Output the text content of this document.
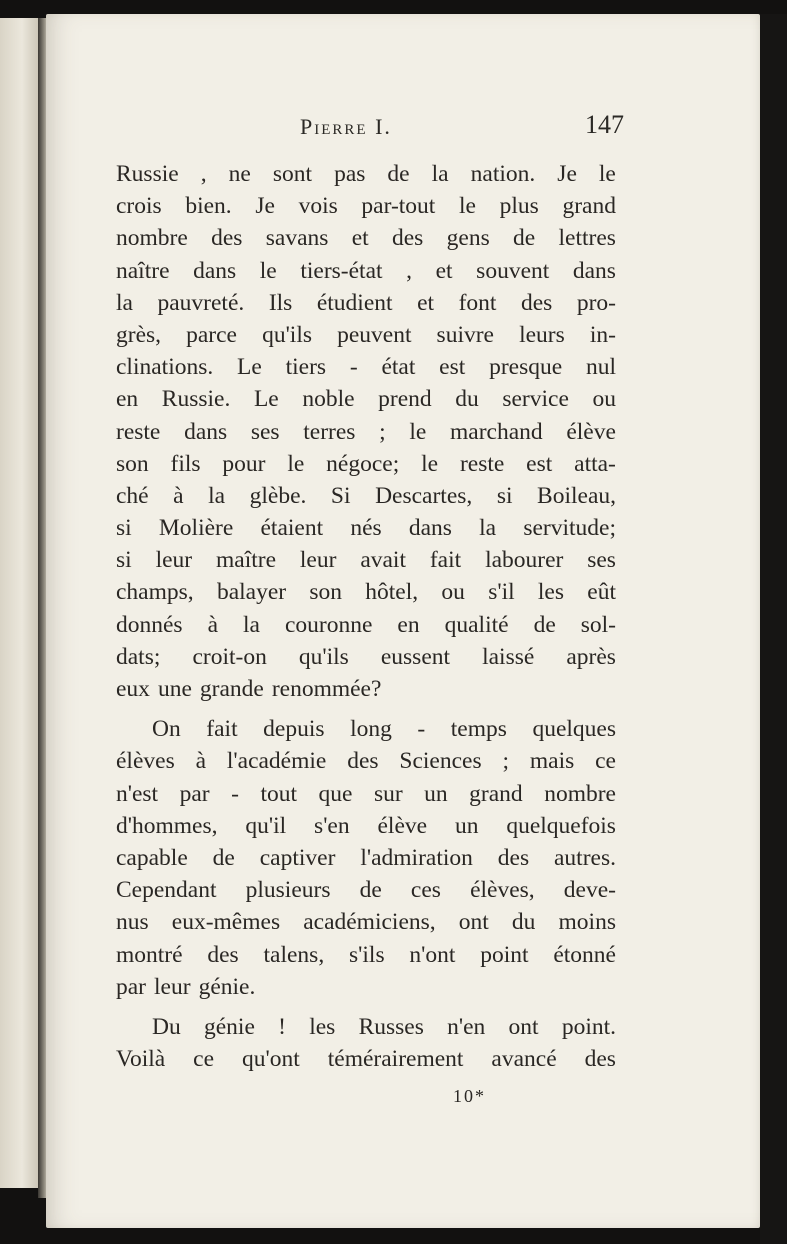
Pierre I.	147
Russie , ne sont pas de la nation. Je le
crois bien. Je vois par-tout le plus grand
nombre des savans et des gens de lettres
naître dans le tiers-état , et souvent dans
la pauvreté. Ils étudient et font des pro-
grès, parce qu'ils peuvent suivre leurs in-
clinations. Le tiers - état est presque nul
en Russie. Le noble prend du service ou
reste dans ses terres ; le marchand élève
son fils pour le négoce; le reste est atta-
ché à la glèbe. Si Descartes, si Boileau,
si Molière étaient nés dans la servitude;
si leur maître leur avait fait labourer ses
champs, balayer son hôtel, ou s'il les eût
donnés à la couronne en qualité de sol-
dats; croit-on qu'ils eussent laissé après
eux une grande renommée?
On fait depuis long - temps quelques
élèves à l'académie des Sciences ; mais ce
n'est par - tout que sur un grand nombre
d'hommes, qu'il s'en élève un quelquefois
capable de captiver l'admiration des autres.
Cependant plusieurs de ces élèves, deve-
nus eux-mêmes académiciens, ont du moins
montré des talens, s'ils n'ont point étonné
par leur génie.
Du génie ! les Russes n'en ont point.
Voilà ce qu'ont témérairement avancé des
10*
